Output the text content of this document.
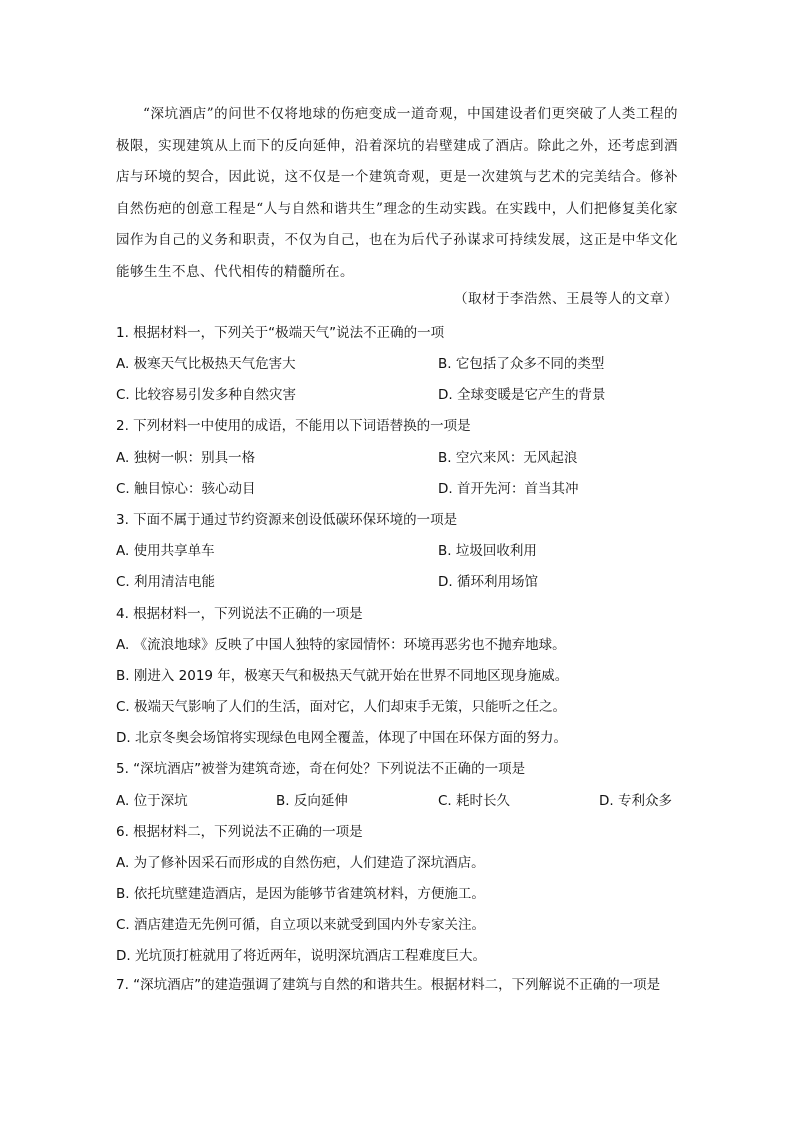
“深坑酒店”的问世不仅将地球的伤疤变成一道奇观，中国建设者们更突破了人类工程的极限，实现建筑从上而下的反向延伸，沿着深坑的岩壁建成了酒店。除此之外，还考虑到酒店与环境的契合，因此说，这不仅是一个建筑奇观，更是一次建筑与艺术的完美结合。修补自然伤疤的创意工程是“人与自然和谐共生”理念的生动实践。在实践中，人们把修复美化家园作为自己的义务和职责，不仅为自己，也在为后代子孙谋求可持续发展，这正是中华文化能够生生不息、代代相传的精髓所在。
（取材于李浩然、王晨等人的文章）
1. 根据材料一，下列关于“极端天气”说法不正确的一项
A. 极寒天气比极热天气危害大	B. 它包括了众多不同的类型
C. 比较容易引发多种自然灾害	D. 全球变暖是它产生的背景
2. 下列材料一中使用的成语，不能用以下词语替换的一项是
A. 独树一帜：别具一格	B. 空穴来风：无风起浪
C. 触目惊心：骇心动目	D. 首开先河：首当其冲
3. 下面不属于通过节约资源来创设低碳环保环境的一项是
A. 使用共享单车	B. 垃圾回收利用
C. 利用清洁电能	D. 循环利用场馆
4. 根据材料一，下列说法不正确的一项是
A. 《流浪地球》反映了中国人独特的家园情怀：环境再恶劣也不抛弃地球。
B. 刚进入 2019 年，极寒天气和极热天气就开始在世界不同地区现身施威。
C. 极端天气影响了人们的生活，面对它，人们却束手无策，只能听之任之。
D. 北京冬奥会场馆将实现绿色电网全覆盖，体现了中国在环保方面的努力。
5. “深坑酒店”被誉为建筑奇迹，奇在何处？下列说法不正确的一项是
A. 位于深坑	B. 反向延伸	C. 耗时长久	D. 专利众多
6. 根据材料二，下列说法不正确的一项是
A. 为了修补因采石而形成的自然伤疤，人们建造了深坑酒店。
B. 依托坑壁建造酒店，是因为能够节省建筑材料，方便施工。
C. 酒店建造无先例可循，自立项以来就受到国内外专家关注。
D. 光坑顶打桩就用了将近两年，说明深坑酒店工程难度巨大。
7. “深坑酒店”的建造强调了建筑与自然的和谐共生。根据材料二，下列解说不正确的一项是
